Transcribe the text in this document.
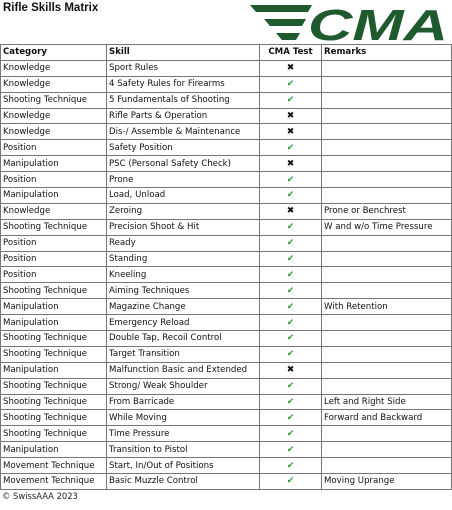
Rifle Skills Matrix	CMA
Category	Skill	CMA Test	Remarks
Knowledge	Sport Rules	✖	
Knowledge	4 Safety Rules for Firearms	✔	
Shooting Technique	5 Fundamentals of Shooting	✔	
Knowledge	Rifle Parts & Operation	✖	
Knowledge	Dis-/ Assemble & Maintenance	✖	
Position	Safety Position	✔	
Manipulation	PSC (Personal Safety Check)	✖	
Position	Prone	✔	
Manipulation	Load, Unload	✔	
Knowledge	Zeroing	✖	Prone or Benchrest
Shooting Technique	Precision Shoot & Hit	✔	W and w/o Time Pressure
Position	Ready	✔	
Position	Standing	✔	
Position	Kneeling	✔	
Shooting Technique	Aiming Techniques	✔	
Manipulation	Magazine Change	✔	With Retention
Manipulation	Emergency Reload	✔	
Shooting Technique	Double Tap, Recoil Control	✔	
Shooting Technique	Target Transition	✔	
Manipulation	Malfunction Basic and Extended	✖	
Shooting Technique	Strong/ Weak Shoulder	✔	
Shooting Technique	From Barricade	✔	Left and Right Side
Shooting Technique	While Moving	✔	Forward and Backward
Shooting Technique	Time Pressure	✔	
Manipulation	Transition to Pistol	✔	
Movement Technique	Start, In/Out of Positions	✔	
Movement Technique	Basic Muzzle Control	✔	Moving Uprange
© SwissAAA 2023
